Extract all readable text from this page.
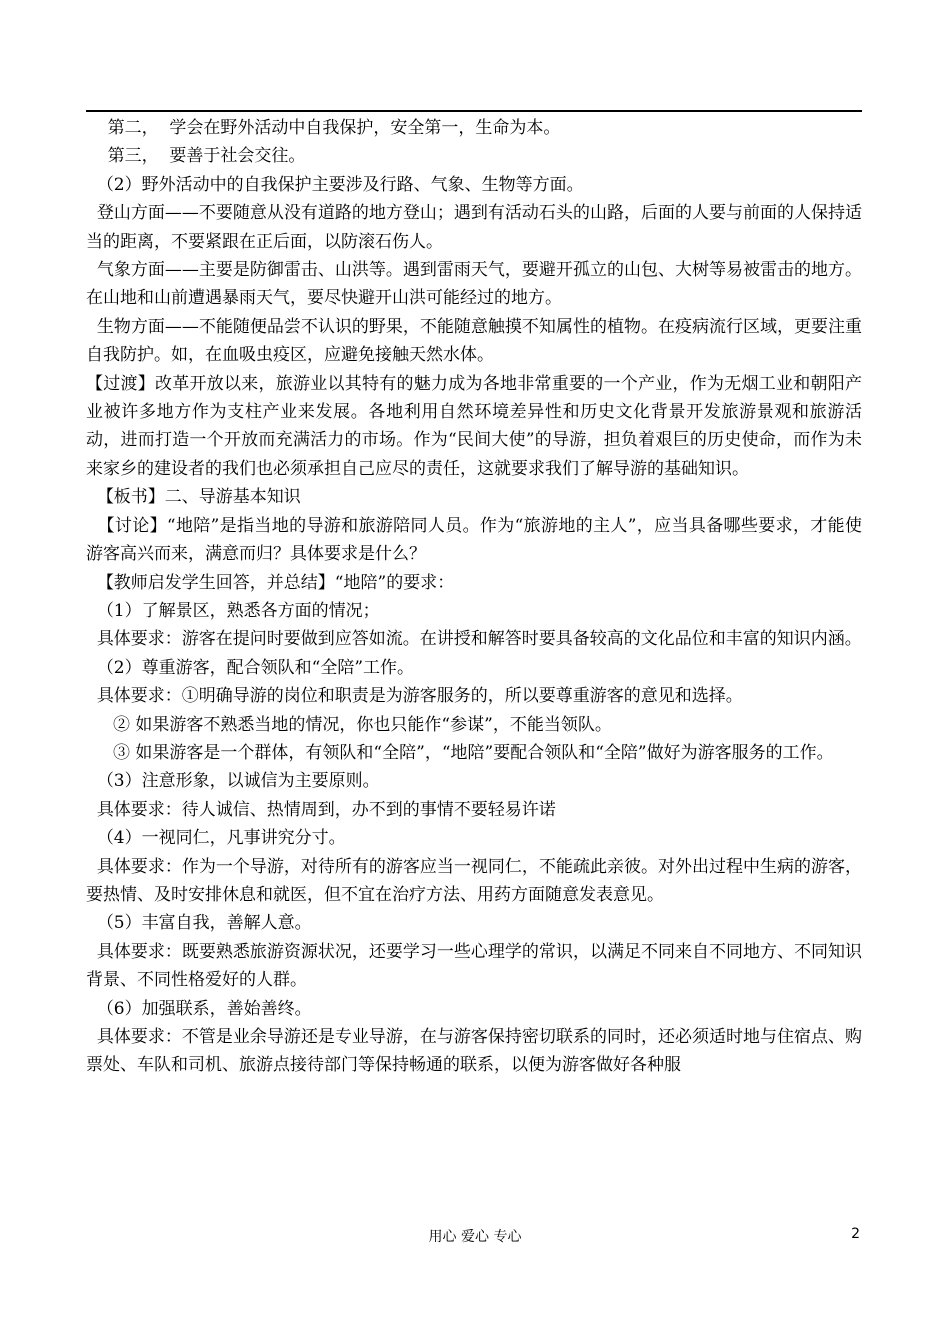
第二，  学会在野外活动中自我保护，安全第一，生命为本。

第三，  要善于社会交往。

（2）野外活动中的自我保护主要涉及行路、气象、生物等方面。

登山方面——不要随意从没有道路的地方登山；遇到有活动石头的山路，后面的人要与前面的人保持适当的距离，不要紧跟在正后面，以防滚石伤人。

气象方面——主要是防御雷击、山洪等。遇到雷雨天气，要避开孤立的山包、大树等易被雷击的地方。在山地和山前遭遇暴雨天气，要尽快避开山洪可能经过的地方。

生物方面——不能随便品尝不认识的野果，不能随意触摸不知属性的植物。在疫病流行区域，更要注重自我防护。如，在血吸虫疫区，应避免接触天然水体。

【过渡】改革开放以来，旅游业以其特有的魅力成为各地非常重要的一个产业，作为无烟工业和朝阳产业被许多地方作为支柱产业来发展。各地利用自然环境差异性和历史文化背景开发旅游景观和旅游活动，进而打造一个开放而充满活力的市场。作为“民间大使”的导游，担负着艰巨的历史使命，而作为未来家乡的建设者的我们也必须承担自己应尽的责任，这就要求我们了解导游的基础知识。

【板书】二、导游基本知识

【讨论】“地陪”是指当地的导游和旅游陪同人员。作为“旅游地的主人”，应当具备哪些要求，才能使游客高兴而来，满意而归？具体要求是什么？

【教师启发学生回答，并总结】“地陪”的要求：

（1）了解景区，熟悉各方面的情况；

具体要求：游客在提问时要做到应答如流。在讲授和解答时要具备较高的文化品位和丰富的知识内涵。

（2）尊重游客，配合领队和“全陪”工作。

具体要求：①明确导游的岗位和职责是为游客服务的，所以要尊重游客的意见和选择。

② 如果游客不熟悉当地的情况，你也只能作“参谋”，不能当领队。

③ 如果游客是一个群体，有领队和“全陪”，“地陪”要配合领队和“全陪”做好为游客服务的工作。

（3）注意形象，以诚信为主要原则。

具体要求：待人诚信、热情周到，办不到的事情不要轻易许诺

（4）一视同仁，凡事讲究分寸。

具体要求：作为一个导游，对待所有的游客应当一视同仁，不能疏此亲彼。对外出过程中生病的游客，要热情、及时安排休息和就医，但不宜在治疗方法、用药方面随意发表意见。

（5）丰富自我，善解人意。

具体要求：既要熟悉旅游资源状况，还要学习一些心理学的常识，以满足不同来自不同地方、不同知识背景、不同性格爱好的人群。

（6）加强联系，善始善终。

具体要求：不管是业余导游还是专业导游，在与游客保持密切联系的同时，还必须适时地与住宿点、购票处、车队和司机、旅游点接待部门等保持畅通的联系，以便为游客做好各种服

用心 爱心 专心	2
